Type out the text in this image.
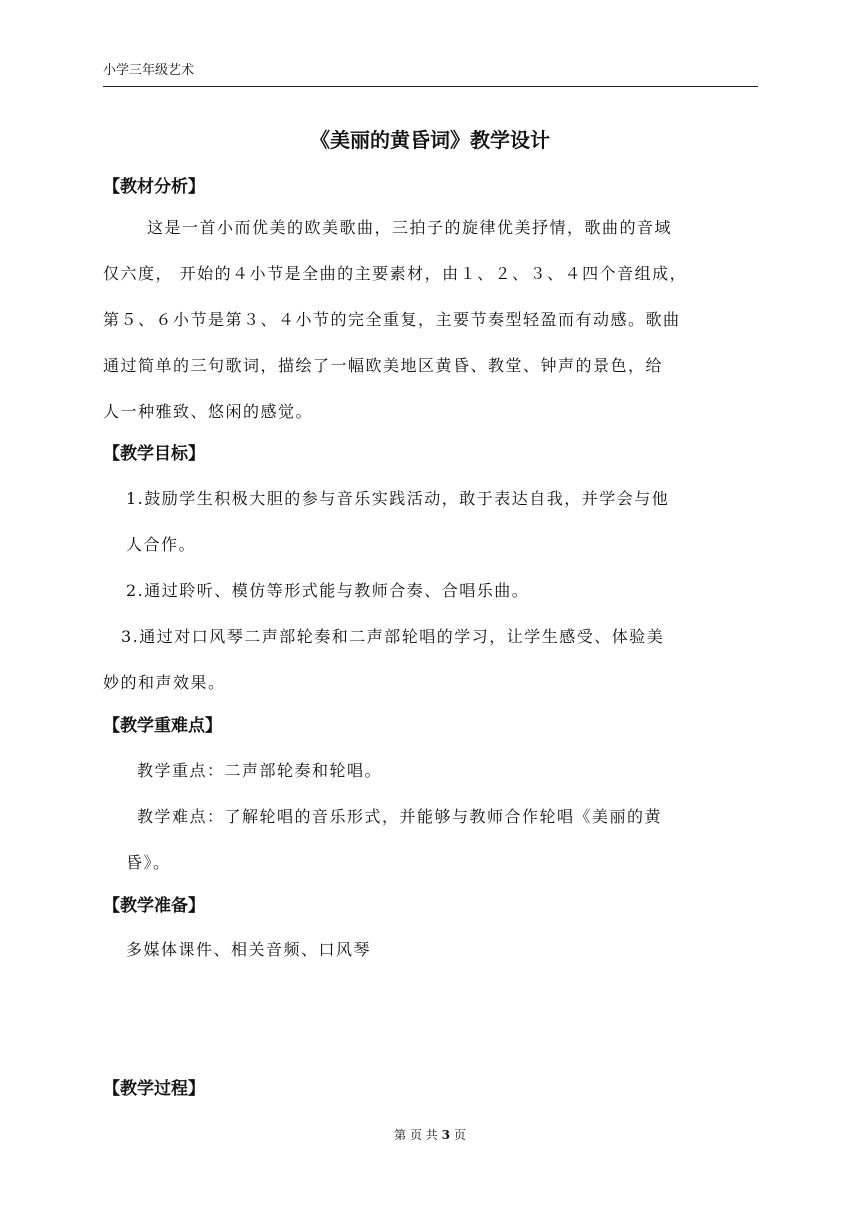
小学三年级艺术
《美丽的黄昏词》教学设计
【教材分析】
这是一首小而优美的欧美歌曲，三拍子的旋律优美抒情，歌曲的音域
仅六度， 开始的４小节是全曲的主要素材，由１、２、３、４四个音组成，
第５、６小节是第３、４小节的完全重复，主要节奏型轻盈而有动感。歌曲
通过简单的三句歌词，描绘了一幅欧美地区黄昏、教堂、钟声的景色，给
人一种雅致、悠闲的感觉。
【教学目标】
1.鼓励学生积极大胆的参与音乐实践活动，敢于表达自我，并学会与他
人合作。
2.通过聆听、模仿等形式能与教师合奏、合唱乐曲。
3.通过对口风琴二声部轮奏和二声部轮唱的学习，让学生感受、体验美
妙的和声效果。
【教学重难点】
教学重点：二声部轮奏和轮唱。
教学难点：了解轮唱的音乐形式，并能够与教师合作轮唱《美丽的黄
昏》。
【教学准备】
多媒体课件、相关音频、口风琴
【教学过程】
第 页 共 3 页
